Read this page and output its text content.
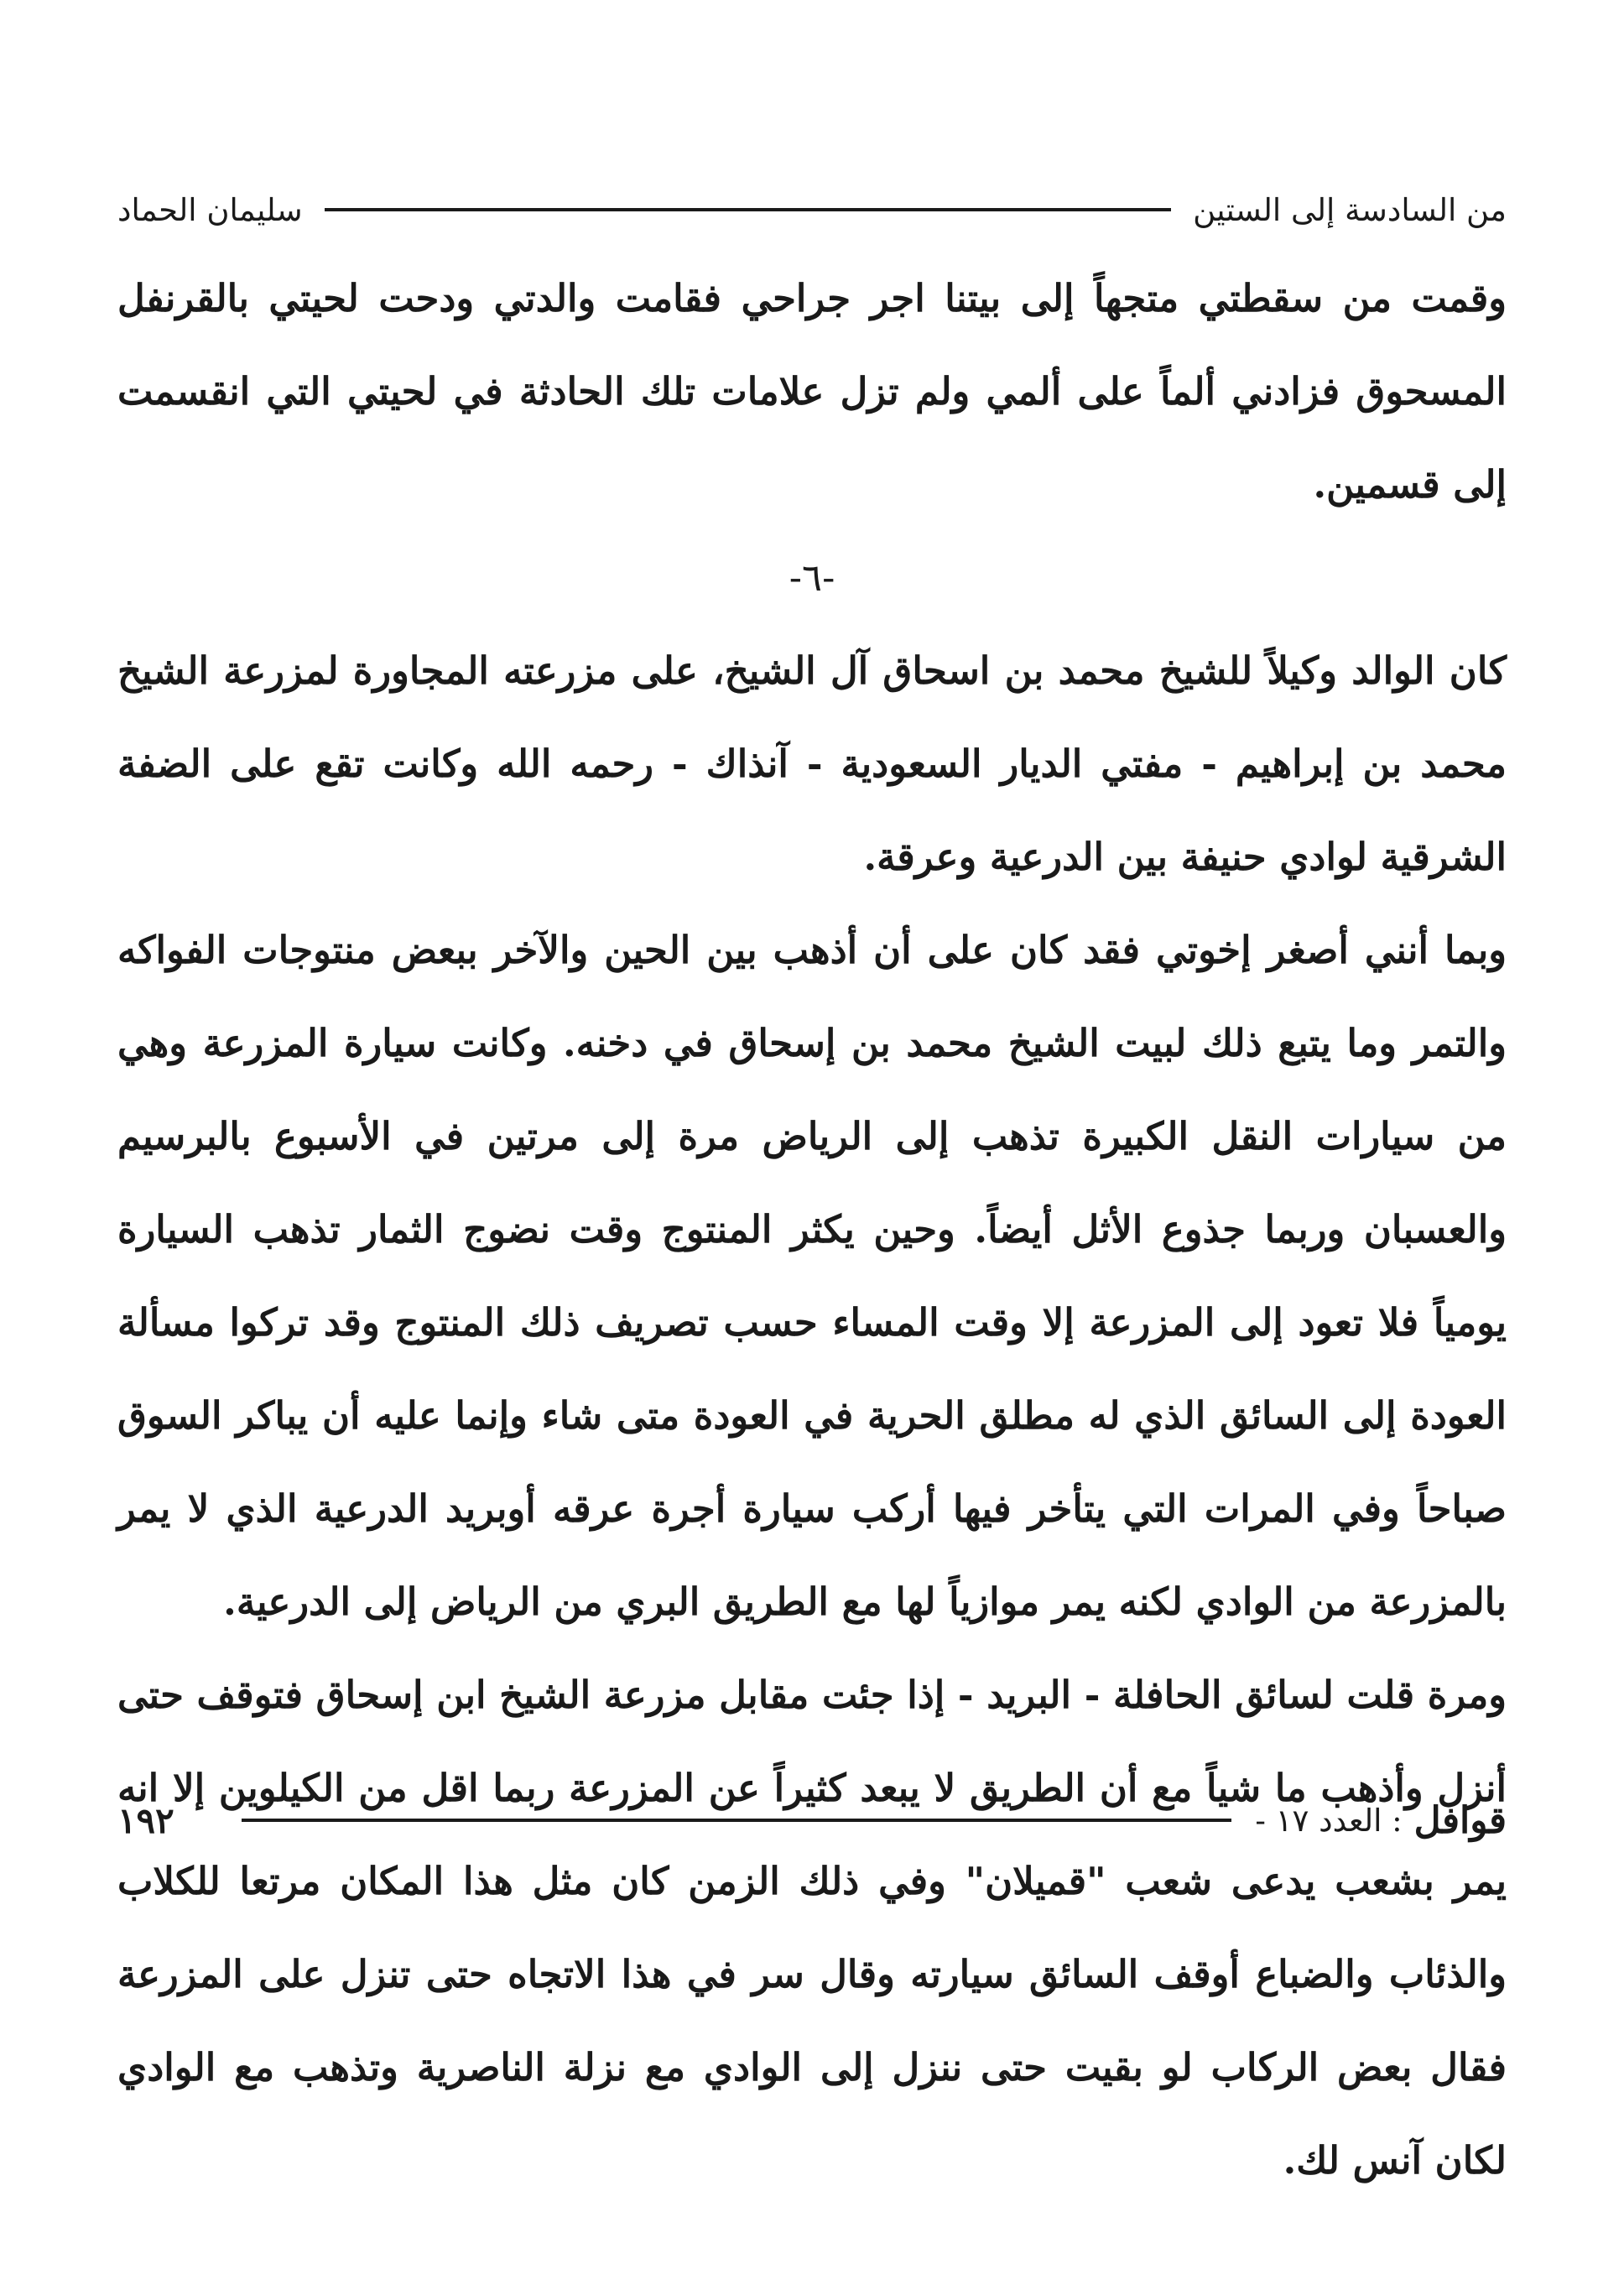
من السادسة إلى الستين
سليمان الحماد

وقمت من سقطتي متجهاً إلى بيتنا اجر جراحي فقامت والدتي ودحت لحيتي بالقرنفل المسحوق فزادني ألماً على ألمي ولم تزل علامات تلك الحادثة في لحيتي التي انقسمت إلى قسمين.

-٦-

كان الوالد وكيلاً للشيخ محمد بن اسحاق آل الشيخ، على مزرعته المجاورة لمزرعة الشيخ محمد بن إبراهيم - مفتي الديار السعودية - آنذاك - رحمه الله وكانت تقع على الضفة الشرقية لوادي حنيفة بين الدرعية وعرقة.

وبما أنني أصغر إخوتي فقد كان على أن أذهب بين الحين والآخر ببعض منتوجات الفواكه والتمر وما يتبع ذلك لبيت الشيخ محمد بن إسحاق في دخنه. وكانت سيارة المزرعة وهي من سيارات النقل الكبيرة تذهب إلى الرياض مرة إلى مرتين في الأسبوع بالبرسيم والعسبان وربما جذوع الأثل أيضاً. وحين يكثر المنتوج وقت نضوج الثمار تذهب السيارة يومياً فلا تعود إلى المزرعة إلا وقت المساء حسب تصريف ذلك المنتوج وقد تركوا مسألة العودة إلى السائق الذي له مطلق الحرية في العودة متى شاء وإنما عليه أن يباكر السوق صباحاً وفي المرات التي يتأخر فيها أركب سيارة أجرة عرقه أوبريد الدرعية الذي لا يمر بالمزرعة من الوادي لكنه يمر موازياً لها مع الطريق البري من الرياض إلى الدرعية.

ومرة قلت لسائق الحافلة - البريد - إذا جئت مقابل مزرعة الشيخ ابن إسحاق فتوقف حتى أنزل وأذهب ما شياً مع أن الطريق لا يبعد كثيراً عن المزرعة ربما اقل من الكيلوين إلا انه يمر بشعب يدعى شعب "قميلان" وفي ذلك الزمن كان مثل هذا المكان مرتعا للكلاب والذئاب والضباع أوقف السائق سيارته وقال سر في هذا الاتجاه حتى تنزل على المزرعة فقال بعض الركاب لو بقيت حتى ننزل إلى الوادي مع نزلة الناصرية وتذهب مع الوادي لكان آنس لك.

قوافل
: العدد ١٧ -
١٩٢
